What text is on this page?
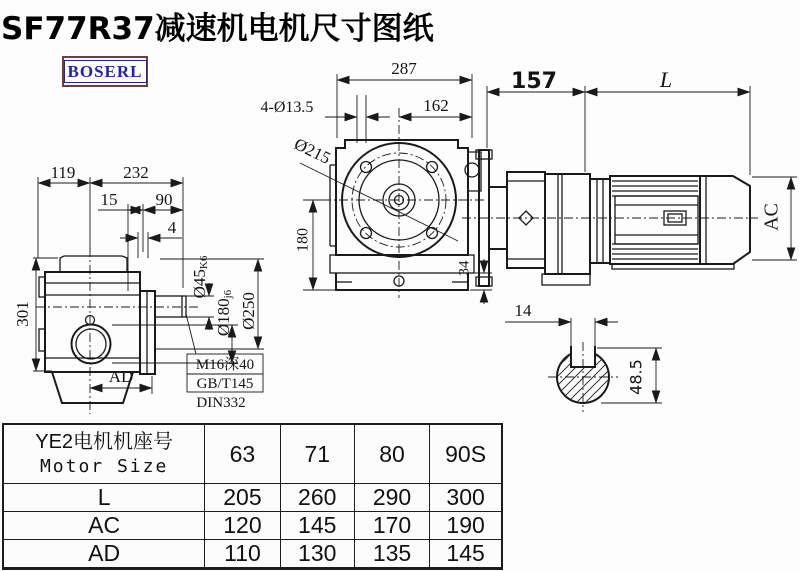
SF77R37减速机电机尺寸图纸
BOSERL
119	232
15 90
4
301
AD
Ø45K6
Ø180j6 Ø250
M16深40
GB/T145
DIN332
287
162
4-Ø13.5
Ø215
180
34
157	L
AC
14
48.5
YE2电机机座号
Motor Size	63	71	80	90S
L	205	260	290	300
AC	120	145	170	190
AD	110	130	135	145
